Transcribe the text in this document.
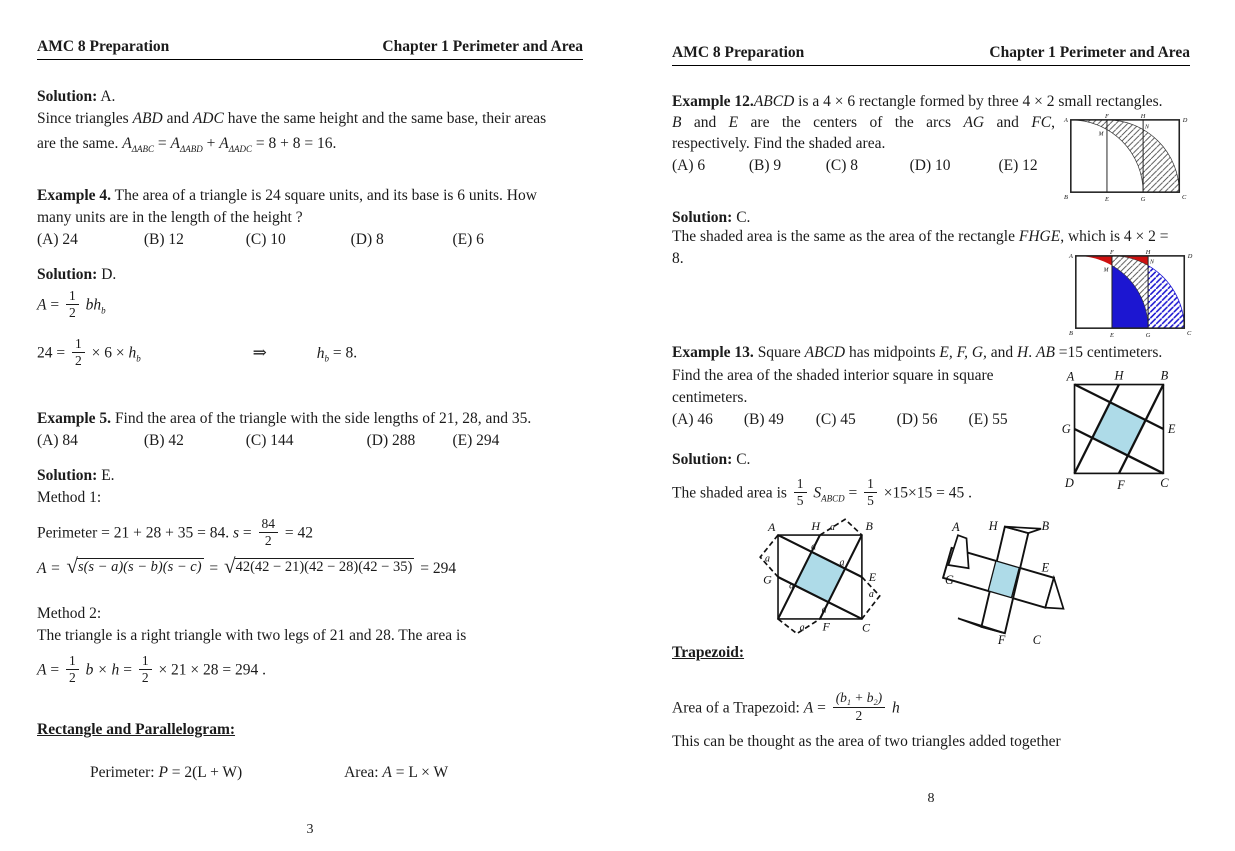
AMC 8 Preparation	Chapter 1 Perimeter and Area
Solution: A.
Since triangles ABD and ADC have the same height and the same base, their areas
are the same. $A_{\Delta ABC} = A_{\Delta ABD} + A_{\Delta ADC} = 8 + 8 = 16$.
Example 4. The area of a triangle is 24 square units, and its base is 6 units. How
many units are in the length of the height ?
(A) 24	(B) 12	(C) 10	(D) 8	(E) 6
Solution: D.
$A = \frac{1}{2} bh_b$
$24 = \frac{1}{2} \times 6 \times h_b$	⇒	$h_b = 8$.
Example 5. Find the area of the triangle with the side lengths of 21, 28, and 35.
(A) 84	(B) 42	(C) 144	(D) 288 (E) 294
Solution: E.
Method 1:
Perimeter = 21 + 28 + 35 = 84. $s = \frac{84}{2} = 42$
A = √ s(s − a)(s − b)(s − c) = √ 42(42 − 21)(42 − 28)(42 − 35) = 294
Method 2:
The triangle is a right triangle with two legs of 21 and 28. The area is
$A = \frac{1}{2}$ $b \times h = \frac{1}{2} \times 21 \times 28 = 294$ .
Rectangle and Parallelogram:
Perimeter: P = 2(L + W)	Area: A = L × W
3
AMC 8 Preparation	Chapter 1 Perimeter and Area
Example 12.ABCD is a 4 × 6 rectangle formed by three 4 × 2 small rectangles.
B and E are the centers of the arcs AG and FC,
respectively. Find the shaded area.
(A) 6	(B) 9	(C) 8	(D) 10	(E) 12
A
F	H
D
B	E	G	C
M
N
Solution: C.
The shaded area is the same as the area of the rectangle FHGE, which is 4 × 2 =
8.	A
F	H
D
B	E	G	C
M
N
Example 13. Square ABCD has midpoints E, F, G, and H. AB =15 centimeters.
Find the area of the shaded interior square in square
centimeters.
(A) 46 (B) 49 (C) 45	(D) 56 (E) 55
A	H	B
G	E
D	F	C
Solution: C.
The shaded area is $\frac{1}{5} S_{ABCD} = \frac{1}{5} \times 15\times 15 = 45$ .
A	H	B
G	E
F	C
a
a
a
a
a
a
a
a
A	H	B
G
E
F C
Trapezoid:
Area of a Trapezoid: $A = \frac{(b_1 + b_2)}{2}$ h
This can be thought as the area of two triangles added together
8
